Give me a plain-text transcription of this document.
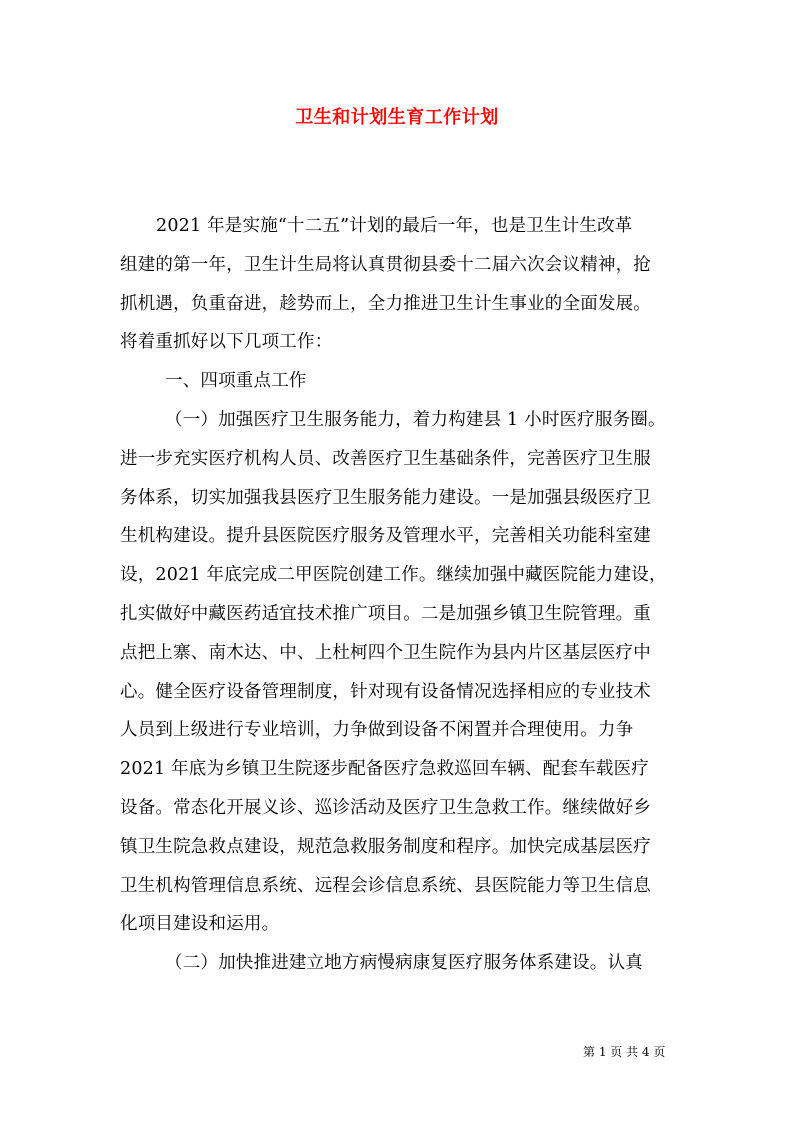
卫生和计划生育工作计划
2021 年是实施“十二五”计划的最后一年，也是卫生计生改革
组建的第一年，卫生计生局将认真贯彻县委十二届六次会议精神，抢
抓机遇，负重奋进，趁势而上，全力推进卫生计生事业的全面发展。
将着重抓好以下几项工作：
一、四项重点工作
（一）加强医疗卫生服务能力，着力构建县 1 小时医疗服务圈。
进一步充实医疗机构人员、改善医疗卫生基础条件，完善医疗卫生服
务体系，切实加强我县医疗卫生服务能力建设。一是加强县级医疗卫
生机构建设。提升县医院医疗服务及管理水平，完善相关功能科室建
设，2021 年底完成二甲医院创建工作。继续加强中藏医院能力建设，
扎实做好中藏医药适宜技术推广项目。二是加强乡镇卫生院管理。重
点把上寨、南木达、中、上杜柯四个卫生院作为县内片区基层医疗中
心。健全医疗设备管理制度，针对现有设备情况选择相应的专业技术
人员到上级进行专业培训，力争做到设备不闲置并合理使用。力争
2021 年底为乡镇卫生院逐步配备医疗急救巡回车辆、配套车载医疗
设备。常态化开展义诊、巡诊活动及医疗卫生急救工作。继续做好乡
镇卫生院急救点建设，规范急救服务制度和程序。加快完成基层医疗
卫生机构管理信息系统、远程会诊信息系统、县医院能力等卫生信息
化项目建设和运用。
（二）加快推进建立地方病慢病康复医疗服务体系建设。认真
第 1 页 共 4 页
